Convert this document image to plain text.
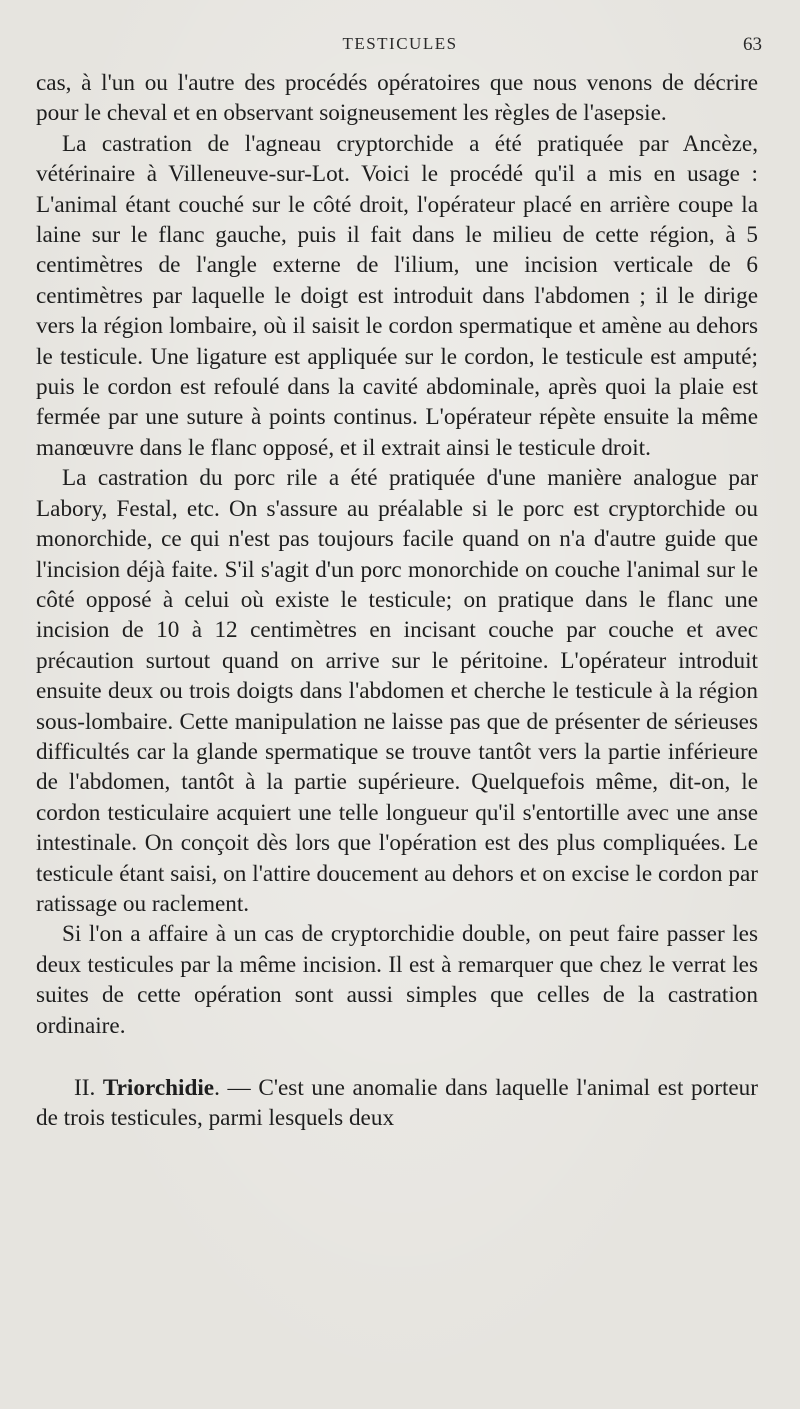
TESTICULES	63

cas, à l'un ou l'autre des procédés opératoires que nous venons de décrire pour le cheval et en observant soigneusement les règles de l'asepsie.

La castration de l'agneau cryptorchide a été pratiquée par Ancèze, vétérinaire à Villeneuve-sur-Lot. Voici le procédé qu'il a mis en usage : L'animal étant couché sur le côté droit, l'opérateur placé en arrière coupe la laine sur le flanc gauche, puis il fait dans le milieu de cette région, à 5 centimètres de l'angle externe de l'ilium, une incision verticale de 6 centimètres par laquelle le doigt est introduit dans l'abdomen ; il le dirige vers la région lombaire, où il saisit le cordon spermatique et amène au dehors le testicule. Une ligature est appliquée sur le cordon, le testicule est amputé; puis le cordon est refoulé dans la cavité abdominale, après quoi la plaie est fermée par une suture à points continus. L'opérateur répète ensuite la même manœuvre dans le flanc opposé, et il extrait ainsi le testicule droit.

La castration du porc rile a été pratiquée d'une manière analogue par Labory, Festal, etc. On s'assure au préalable si le porc est cryptorchide ou monorchide, ce qui n'est pas toujours facile quand on n'a d'autre guide que l'incision déjà faite. S'il s'agit d'un porc monorchide on couche l'animal sur le côté opposé à celui où existe le testicule; on pratique dans le flanc une incision de 10 à 12 centimètres en incisant couche par couche et avec précaution surtout quand on arrive sur le péritoine. L'opérateur introduit ensuite deux ou trois doigts dans l'abdomen et cherche le testicule à la région sous-lombaire. Cette manipulation ne laisse pas que de présenter de sérieuses difficultés car la glande spermatique se trouve tantôt vers la partie inférieure de l'abdomen, tantôt à la partie supérieure. Quelquefois même, dit-on, le cordon testiculaire acquiert une telle longueur qu'il s'entortille avec une anse intestinale. On conçoit dès lors que l'opération est des plus compliquées. Le testicule étant saisi, on l'attire doucement au dehors et on excise le cordon par ratissage ou raclement.

Si l'on a affaire à un cas de cryptorchidie double, on peut faire passer les deux testicules par la même incision. Il est à remarquer que chez le verrat les suites de cette opération sont aussi simples que celles de la castration ordinaire.

II. Triorchidie. — C'est une anomalie dans laquelle l'animal est porteur de trois testicules, parmi lesquels deux
